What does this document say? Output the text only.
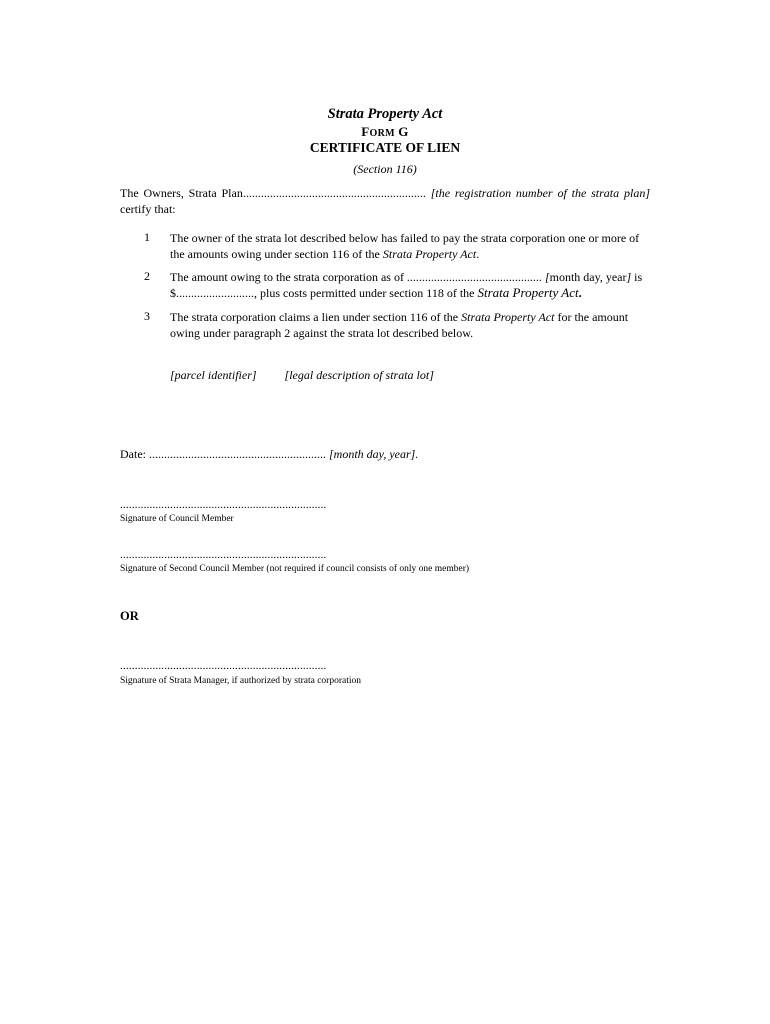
Strata Property Act
FORM G
CERTIFICATE OF LIEN
(Section 116)
The Owners, Strata Plan............................................................. [the registration number of the strata plan] certify that:
1 The owner of the strata lot described below has failed to pay the strata corporation one or more of the amounts owing under section 116 of the Strata Property Act.
2 The amount owing to the strata corporation as of ............................................. [month day, year] is $.........................., plus costs permitted under section 118 of the Strata Property Act.
3 The strata corporation claims a lien under section 116 of the Strata Property Act for the amount owing under paragraph 2 against the strata lot described below.
[parcel identifier] [legal description of strata lot]
Date: ........................................................... [month day, year].
......................................................................
Signature of Council Member
......................................................................
Signature of Second Council Member (not required if council consists of only one member)
OR
......................................................................
Signature of Strata Manager, if authorized by strata corporation
